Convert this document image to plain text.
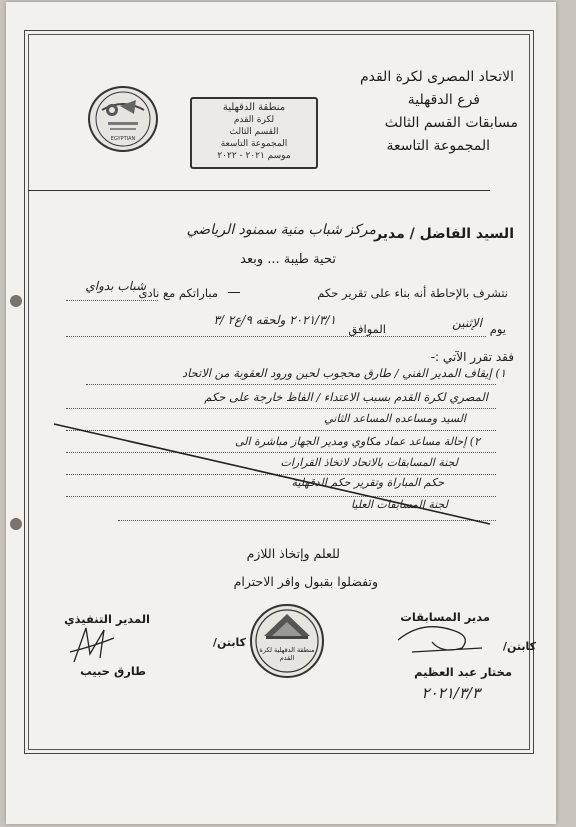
الاتحاد المصرى لكرة القدم
فرع الدقهلية
مسابقات القسم الثالث
المجموعة التاسعة
EGYPTIAN
منطقة الدقهلية
لكرة القدم
القسم الثالث
المجموعة التاسعة
موسم ٢٠٢١ - ٢٠٢٢
السيد الفاضل / مدير
مركز شباب منية سمنود الرياضي
تحية طيبة ... وبعد
نتشرف بالإحاطة أنه بناء على تقرير حكم
مباراتكم مع نادى
شباب بدواي
يوم
الإثنين
الموافق
٢٠٢١/٣/١ ولحقه ٩/ع٢ /٣
فقد تقرر الآتي :-
١) إيقاف المدير الفني / طارق محجوب لحين ورود العقوبة من الاتحاد
المصري لكرة القدم بسبب الاعتداء / الفاظ خارجة على حكم
السيد ومساعده المساعد الثاني
٢) إحالة مساعد عماد مكاوي ومدير الجهاز مباشرة الى
لجنة المسابقات بالاتحاد لاتخاذ القرارات
حكم المباراة وتقرير حكم الدقهلية
لجنة المسابقات العليا
للعلم وإتخاذ اللازم
وتفضلوا بقبول وافر الاحترام
مدير المسابقات
كابتن/
مختار عبد العظيم
٢٠٢١/٣/٣
منطقة الدقهلية لكرة القدم
كابتن/
المدير التنفيذي
طارق حبيب
